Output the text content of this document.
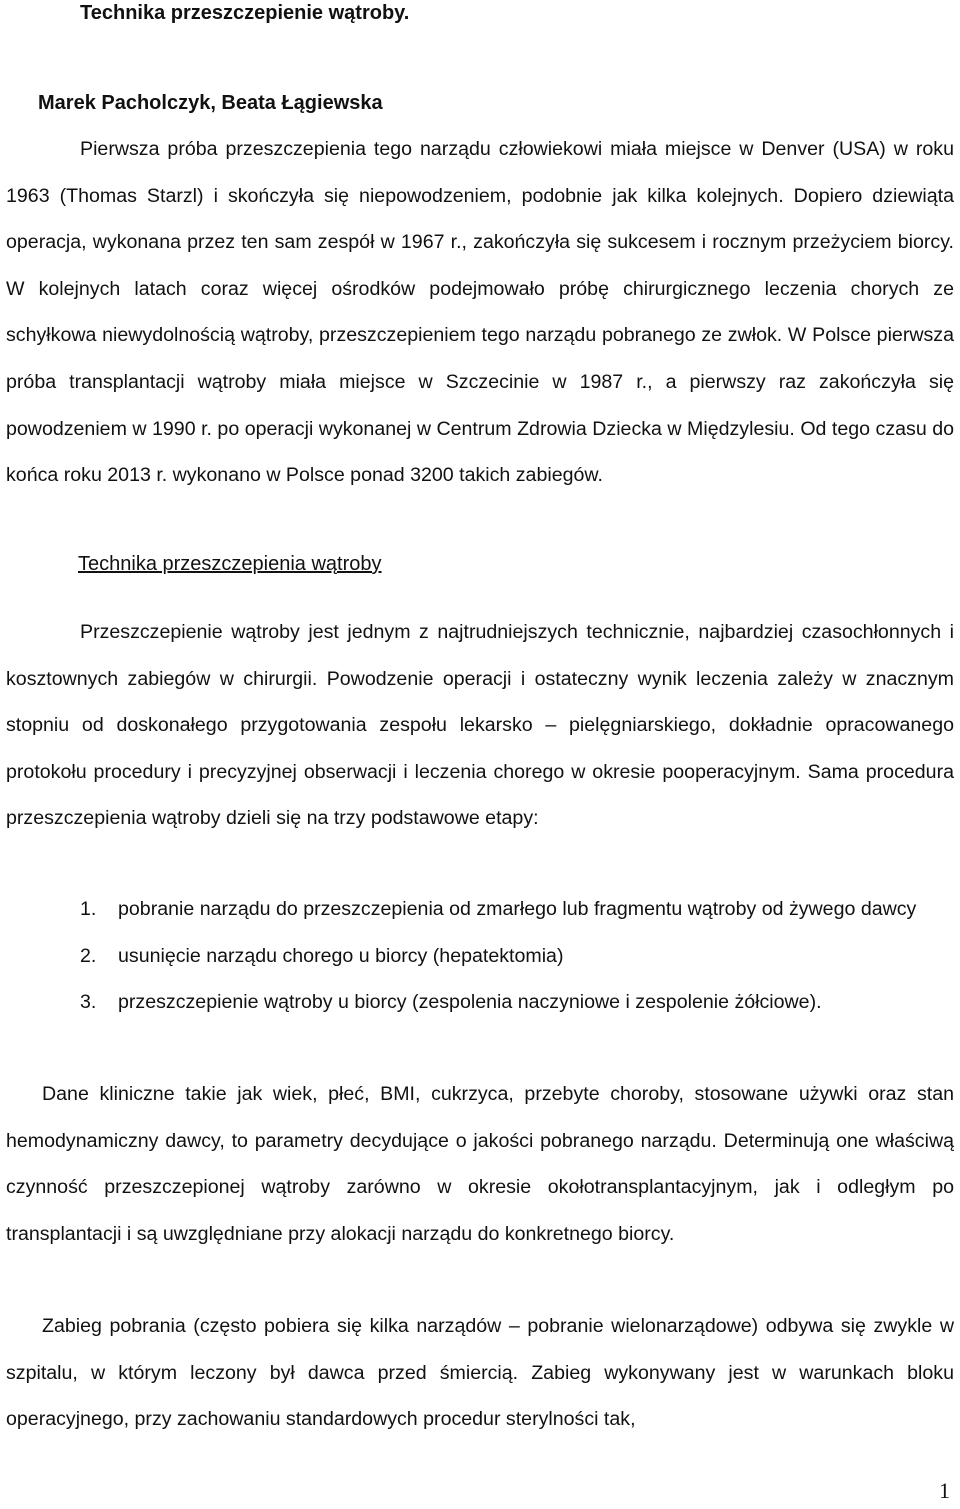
Technika przeszczepienie wątroby.

Marek Pacholczyk, Beata Łągiewska

Pierwsza próba przeszczepienia tego narządu człowiekowi miała miejsce w Denver (USA) w roku 1963 (Thomas Starzl) i skończyła się niepowodzeniem, podobnie jak kilka kolejnych. Dopiero dziewiąta operacja, wykonana przez ten sam zespół w 1967 r., zakończyła się sukcesem i rocznym przeżyciem biorcy. W kolejnych latach coraz więcej ośrodków podejmowało próbę chirurgicznego leczenia chorych ze schyłkowa niewydolnością wątroby, przeszczepieniem tego narządu pobranego ze zwłok. W Polsce pierwsza próba transplantacji wątroby miała miejsce w Szczecinie w 1987 r., a pierwszy raz zakończyła się powodzeniem w 1990 r. po operacji wykonanej w Centrum Zdrowia Dziecka w Międzylesiu. Od tego czasu do końca roku 2013 r. wykonano w Polsce ponad 3200 takich zabiegów.

Technika przeszczepienia wątroby

Przeszczepienie wątroby jest jednym z najtrudniejszych technicznie, najbardziej czasochłonnych i kosztownych zabiegów w chirurgii. Powodzenie operacji i ostateczny wynik leczenia zależy w znacznym stopniu od doskonałego przygotowania zespołu lekarsko – pielęgniarskiego, dokładnie opracowanego protokołu procedury i precyzyjnej obserwacji i leczenia chorego w okresie pooperacyjnym. Sama procedura przeszczepienia wątroby dzieli się na trzy podstawowe etapy:

1. pobranie narządu do przeszczepienia od zmarłego lub fragmentu wątroby od żywego dawcy
2. usunięcie narządu chorego u biorcy (hepatektomia)
3. przeszczepienie wątroby u biorcy (zespolenia naczyniowe i zespolenie żółciowe).

Dane kliniczne takie jak wiek, płeć, BMI, cukrzyca, przebyte choroby, stosowane używki oraz stan hemodynamiczny dawcy, to parametry decydujące o jakości pobranego narządu. Determinują one właściwą czynność przeszczepionej wątroby zarówno w okresie okołotransplantacyjnym, jak i odległym po transplantacji i są uwzględniane przy alokacji narządu do konkretnego biorcy.

Zabieg pobrania (często pobiera się kilka narządów – pobranie wielonarządowe) odbywa się zwykle w szpitalu, w którym leczony był dawca przed śmiercią. Zabieg wykonywany jest w warunkach bloku operacyjnego, przy zachowaniu standardowych procedur sterylności tak,

1
